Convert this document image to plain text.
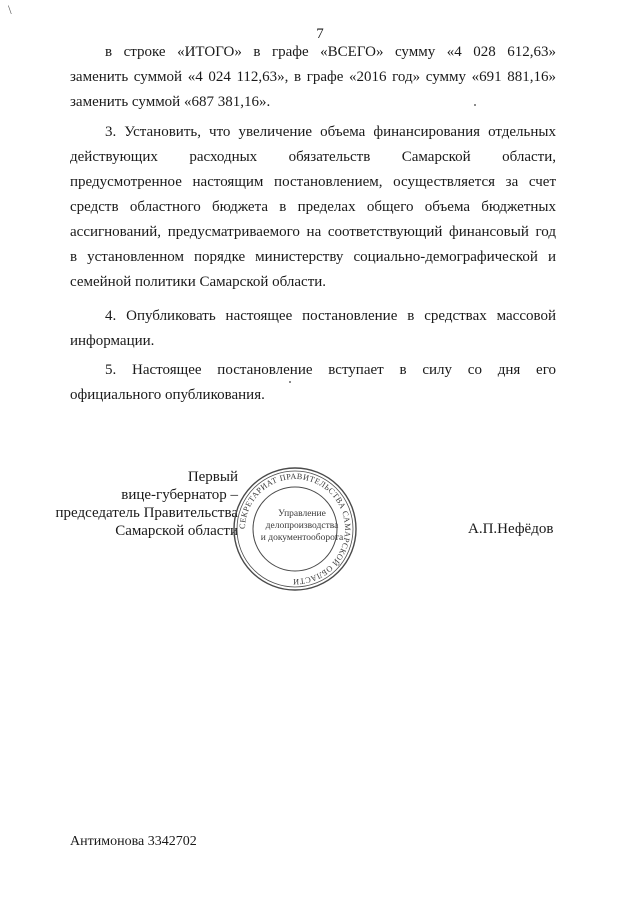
\
7
в строке «ИТОГО» в графе «ВСЕГО» сумму «4 028 612,63»
заменить суммой «4 024 112,63», в графе «2016 год» сумму «691 881,16»
заменить суммой «687 381,16».
3. Установить, что увеличение объема финансирования отдельных
действующих расходных обязательств Самарской области,
предусмотренное настоящим постановлением, осуществляется за счет
средств областного бюджета в пределах общего объема бюджетных
ассигнований, предусматриваемого на соответствующий финансовый год
в установленном порядке министерству социально-демографической и
семейной политики Самарской области.
4. Опубликовать настоящее постановление в средствах массовой
информации.
5. Настоящее постановление вступает в силу со дня его
официального опубликования.
Первый
вице-губернатор –
председатель Правительства
Самарской области СЕКРЕТАРИАТ ПРАВИТЕЛЬСТВА САМАРСКОЙ ОБЛАСТИ
Управление
делопроизводства
и документооборота
А.П.Нефёдов
Антимонова 3342702
